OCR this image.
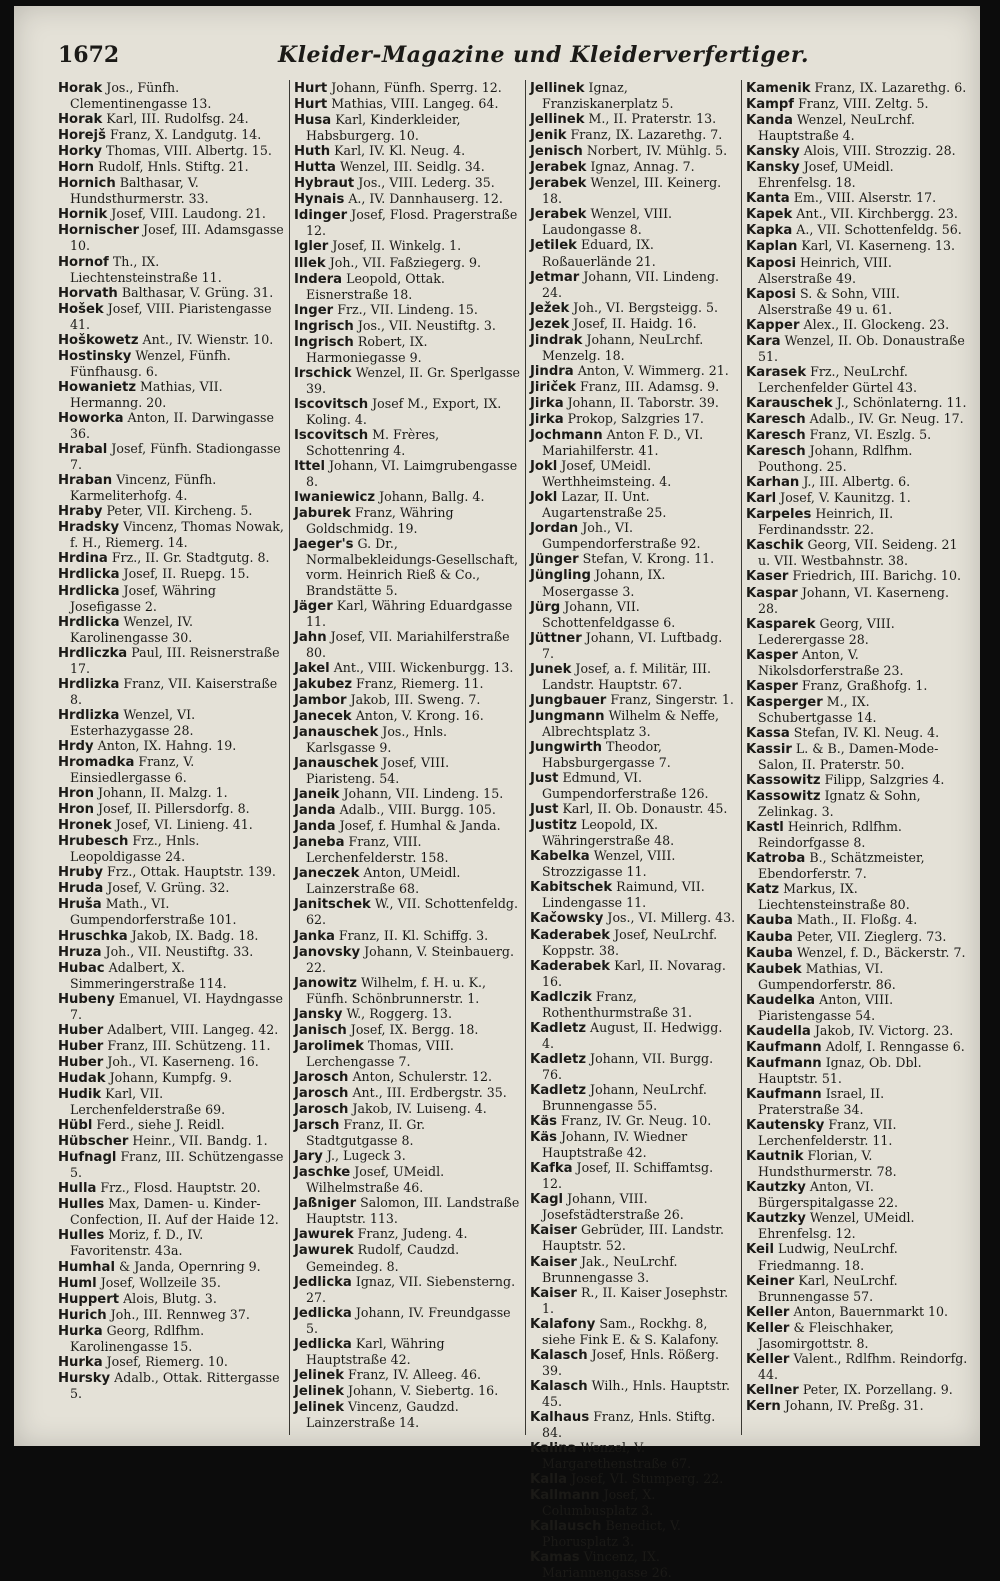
1672	Kleider-Magazine und Kleiderverfertiger.

Horak Jos., Fünfh. Clementinengasse 13.

Horak Karl, III. Rudolfsg. 24.

Horejš Franz, X. Landgutg. 14.

Horky Thomas, VIII. Albertg. 15.

Horn Rudolf, Hnls. Stiftg. 21.

Hornich Balthasar, V. Hundsthurmerstr. 33.

Hornik Josef, VIII. Laudong. 21.

Hornischer Josef, III. Adamsgasse 10.

Hornof Th., IX. Liechtensteinstraße 11.

Horvath Balthasar, V. Grüng. 31.

Hošek Josef, VIII. Piaristengasse 41.

Hoškowetz Ant., IV. Wienstr. 10.

Hostinsky Wenzel, Fünfh. Fünfhausg. 6.

Howanietz Mathias, VII. Hermanng. 20.

Howorka Anton, II. Darwingasse 36.

Hrabal Josef, Fünfh. Stadiongasse 7.

Hraban Vincenz, Fünfh. Karmeliterhofg. 4.

Hraby Peter, VII. Kircheng. 5.

Hradsky Vincenz, Thomas Nowak, f. H., Riemerg. 14.

Hrdina Frz., II. Gr. Stadtgutg. 8.

Hrdlicka Josef, II. Ruepg. 15.

Hrdlicka Josef, Währing Josefigasse 2.

Hrdlicka Wenzel, IV. Karolinengasse 30.

Hrdliczka Paul, III. Reisnerstraße 17.

Hrdlizka Franz, VII. Kaiserstraße 8.

Hrdlizka Wenzel, VI. Esterhazygasse 28.

Hrdy Anton, IX. Hahng. 19.

Hromadka Franz, V. Einsiedlergasse 6.

Hron Johann, II. Malzg. 1.

Hron Josef, II. Pillersdorfg. 8.

Hronek Josef, VI. Linieng. 41.

Hrubesch Frz., Hnls. Leopoldigasse 24.

Hruby Frz., Ottak. Hauptstr. 139.

Hruda Josef, V. Grüng. 32.

Hruša Math., VI. Gumpendorferstraße 101.

Hruschka Jakob, IX. Badg. 18.

Hruza Joh., VII. Neustiftg. 33.

Hubac Adalbert, X. Simmeringerstraße 114.

Hubeny Emanuel, VI. Haydngasse 7.

Huber Adalbert, VIII. Langeg. 42.

Huber Franz, III. Schützeng. 11.

Huber Joh., VI. Kaserneng. 16.

Hudak Johann, Kumpfg. 9.

Hudik Karl, VII. Lerchenfelderstraße 69.

Hübl Ferd., siehe J. Reidl.

Hübscher Heinr., VII. Bandg. 1.

Hufnagl Franz, III. Schützengasse 5.

Hulla Frz., Flosd. Hauptstr. 20.

Hulles Max, Damen- u. Kinder-Confection, II. Auf der Haide 12.

Hulles Moriz, f. D., IV. Favoritenstr. 43a.

Humhal & Janda, Opernring 9.

Huml Josef, Wollzeile 35.

Huppert Alois, Blutg. 3.

Hurich Joh., III. Rennweg 37.

Hurka Georg, Rdlfhm. Karolinengasse 15.

Hurka Josef, Riemerg. 10.

Hursky Adalb., Ottak. Rittergasse 5.

Hurt Johann, Fünfh. Sperrg. 12.

Hurt Mathias, VIII. Langeg. 64.

Husa Karl, Kinderkleider, Habsburgerg. 10.

Huth Karl, IV. Kl. Neug. 4.

Hutta Wenzel, III. Seidlg. 34.

Hybraut Jos., VIII. Lederg. 35.

Hynais A., IV. Dannhauserg. 12.

Idinger Josef, Flosd. Pragerstraße 12.

Igler Josef, II. Winkelg. 1.

Illek Joh., VII. Faßziegerg. 9.

Indera Leopold, Ottak. Eisnerstraße 18.

Inger Frz., VII. Lindeng. 15.

Ingrisch Jos., VII. Neustiftg. 3.

Ingrisch Robert, IX. Harmoniegasse 9.

Irschick Wenzel, II. Gr. Sperlgasse 39.

Iscovitsch Josef M., Export, IX. Koling. 4.

Iscovitsch M. Frères, Schottenring 4.

Ittel Johann, VI. Laimgrubengasse 8.

Iwaniewicz Johann, Ballg. 4.

Jaburek Franz, Währing Goldschmidg. 19.

Jaeger's G. Dr., Normalbekleidungs-Gesellschaft, vorm. Heinrich Rieß & Co., Brandstätte 5.

Jäger Karl, Währing Eduardgasse 11.

Jahn Josef, VII. Mariahilferstraße 80.

Jakel Ant., VIII. Wickenburgg. 13.

Jakubez Franz, Riemerg. 11.

Jambor Jakob, III. Sweng. 7.

Janecek Anton, V. Krong. 16.

Janauschek Jos., Hnls. Karlsgasse 9.

Janauschek Josef, VIII. Piaristeng. 54.

Janeik Johann, VII. Lindeng. 15.

Janda Adalb., VIII. Burgg. 105.

Janda Josef, f. Humhal & Janda.

Janeba Franz, VIII. Lerchenfelderstr. 158.

Janeczek Anton, UMeidl. Lainzerstraße 68.

Janitschek W., VII. Schottenfeldg. 62.

Janka Franz, II. Kl. Schiffg. 3.

Janovsky Johann, V. Steinbauerg. 22.

Janowitz Wilhelm, f. H. u. K., Fünfh. Schönbrunnerstr. 1.

Jansky W., Roggerg. 13.

Janisch Josef, IX. Bergg. 18.

Jarolimek Thomas, VIII. Lerchengasse 7.

Jarosch Anton, Schulerstr. 12.

Jarosch Ant., III. Erdbergstr. 35.

Jarosch Jakob, IV. Luiseng. 4.

Jarsch Franz, II. Gr. Stadtgutgasse 8.

Jary J., Lugeck 3.

Jaschke Josef, UMeidl. Wilhelmstraße 46.

Jaßniger Salomon, III. Landstraße Hauptstr. 113.

Jawurek Franz, Judeng. 4.

Jawurek Rudolf, Caudzd. Gemeindeg. 8.

Jedlicka Ignaz, VII. Siebensterng. 27.

Jedlicka Johann, IV. Freundgasse 5.

Jedlicka Karl, Währing Hauptstraße 42.

Jelinek Franz, IV. Alleeg. 46.

Jelinek Johann, V. Siebertg. 16.

Jelinek Vincenz, Gaudzd. Lainzerstraße 14.

Jellinek Ignaz, Franziskanerplatz 5.

Jellinek M., II. Praterstr. 13.

Jenik Franz, IX. Lazarethg. 7.

Jenisch Norbert, IV. Mühlg. 5.

Jerabek Ignaz, Annag. 7.

Jerabek Wenzel, III. Keinerg. 18.

Jerabek Wenzel, VIII. Laudongasse 8.

Jetilek Eduard, IX. Roßauerlände 21.

Jetmar Johann, VII. Lindeng. 24.

Ježek Joh., VI. Bergsteigg. 5.

Jezek Josef, II. Haidg. 16.

Jindrak Johann, NeuLrchf. Menzelg. 18.

Jindra Anton, V. Wimmerg. 21.

Jiriček Franz, III. Adamsg. 9.

Jirka Johann, II. Taborstr. 39.

Jirka Prokop, Salzgries 17.

Jochmann Anton F. D., VI. Mariahilferstr. 41.

Jokl Josef, UMeidl. Werthheimsteing. 4.

Jokl Lazar, II. Unt. Augartenstraße 25.

Jordan Joh., VI. Gumpendorferstraße 92.

Jünger Stefan, V. Krong. 11.

Jüngling Johann, IX. Mosergasse 3.

Jürg Johann, VII. Schottenfeldgasse 6.

Jüttner Johann, VI. Luftbadg. 7.

Junek Josef, a. f. Militär, III. Landstr. Hauptstr. 67.

Jungbauer Franz, Singerstr. 1.

Jungmann Wilhelm & Neffe, Albrechtsplatz 3.

Jungwirth Theodor, Habsburgergasse 7.

Just Edmund, VI. Gumpendorferstraße 126.

Just Karl, II. Ob. Donaustr. 45.

Justitz Leopold, IX. Währingerstraße 48.

Kabelka Wenzel, VIII. Strozzigasse 11.

Kabitschek Raimund, VII. Lindengasse 11.

Kačowsky Jos., VI. Millerg. 43.

Kaderabek Josef, NeuLrchf. Koppstr. 38.

Kaderabek Karl, II. Novarag. 16.

Kadlczik Franz, Rothenthurmstraße 31.

Kadletz August, II. Hedwigg. 4.

Kadletz Johann, VII. Burgg. 76.

Kadletz Johann, NeuLrchf. Brunnengasse 55.

Käs Franz, IV. Gr. Neug. 10.

Käs Johann, IV. Wiedner Hauptstraße 42.

Kafka Josef, II. Schiffamtsg. 12.

Kagl Johann, VIII. Josefstädterstraße 26.

Kaiser Gebrüder, III. Landstr. Hauptstr. 52.

Kaiser Jak., NeuLrchf. Brunnengasse 3.

Kaiser R., II. Kaiser Josephstr. 1.

Kalafony Sam., Rockhg. 8, siehe Fink E. & S. Kalafony.

Kalasch Josef, Hnls. Rößerg. 39.

Kalasch Wilh., Hnls. Hauptstr. 45.

Kalhaus Franz, Hnls. Stiftg. 84.

Kalina Wenzel, V. Margarethenstraße 67.

Kalla Josef, VI. Stumperg. 22.

Kallmann Josef, X. Columbusplatz 3.

Kallausch Benedict, V. Phorusplatz 3.

Kamas Vincenz, IX. Mariannengasse 26.

Kamenik Franz, IX. Lazarethg. 6.

Kampf Franz, VIII. Zeltg. 5.

Kanda Wenzel, NeuLrchf. Hauptstraße 4.

Kansky Alois, VIII. Strozzig. 28.

Kansky Josef, UMeidl. Ehrenfelsg. 18.

Kanta Em., VIII. Alserstr. 17.

Kapek Ant., VII. Kirchbergg. 23.

Kapka A., VII. Schottenfeldg. 56.

Kaplan Karl, VI. Kaserneng. 13.

Kaposi Heinrich, VIII. Alserstraße 49.

Kaposi S. & Sohn, VIII. Alserstraße 49 u. 61.

Kapper Alex., II. Glockeng. 23.

Kara Wenzel, II. Ob. Donaustraße 51.

Karasek Frz., NeuLrchf. Lerchenfelder Gürtel 43.

Karauschek J., Schönlaterng. 11.

Karesch Adalb., IV. Gr. Neug. 17.

Karesch Franz, VI. Eszlg. 5.

Karesch Johann, Rdlfhm. Pouthong. 25.

Karhan J., III. Albertg. 6.

Karl Josef, V. Kaunitzg. 1.

Karpeles Heinrich, II. Ferdinandsstr. 22.

Kaschik Georg, VII. Seideng. 21 u. VII. Westbahnstr. 38.

Kaser Friedrich, III. Barichg. 10.

Kaspar Johann, VI. Kaserneng. 28.

Kasparek Georg, VIII. Lederergasse 28.

Kasper Anton, V. Nikolsdorferstraße 23.

Kasper Franz, Graßhofg. 1.

Kasperger M., IX. Schubertgasse 14.

Kassa Stefan, IV. Kl. Neug. 4.

Kassir L. & B., Damen-Mode-Salon, II. Praterstr. 50.

Kassowitz Filipp, Salzgries 4.

Kassowitz Ignatz & Sohn, Zelinkag. 3.

Kastl Heinrich, Rdlfhm. Reindorfgasse 8.

Katroba B., Schätzmeister, Ebendorferstr. 7.

Katz Markus, IX. Liechtensteinstraße 80.

Kauba Math., II. Floßg. 4.

Kauba Peter, VII. Zieglerg. 73.

Kauba Wenzel, f. D., Bäckerstr. 7.

Kaubek Mathias, VI. Gumpendorferstr. 86.

Kaudelka Anton, VIII. Piaristengasse 54.

Kaudella Jakob, IV. Victorg. 23.

Kaufmann Adolf, I. Renngasse 6.

Kaufmann Ignaz, Ob. Dbl. Hauptstr. 51.

Kaufmann Israel, II. Praterstraße 34.

Kautensky Franz, VII. Lerchenfelderstr. 11.

Kautnik Florian, V. Hundsthurmerstr. 78.

Kautzky Anton, VI. Bürgerspitalgasse 22.

Kautzky Wenzel, UMeidl. Ehrenfelsg. 12.

Keil Ludwig, NeuLrchf. Friedmanng. 18.

Keiner Karl, NeuLrchf. Brunnengasse 57.

Keller Anton, Bauernmarkt 10.

Keller & Fleischhaker, Jasomirgottstr. 8.

Keller Valent., Rdlfhm. Reindorfg. 44.

Kellner Peter, IX. Porzellang. 9.

Kern Johann, IV. Preßg. 31.
